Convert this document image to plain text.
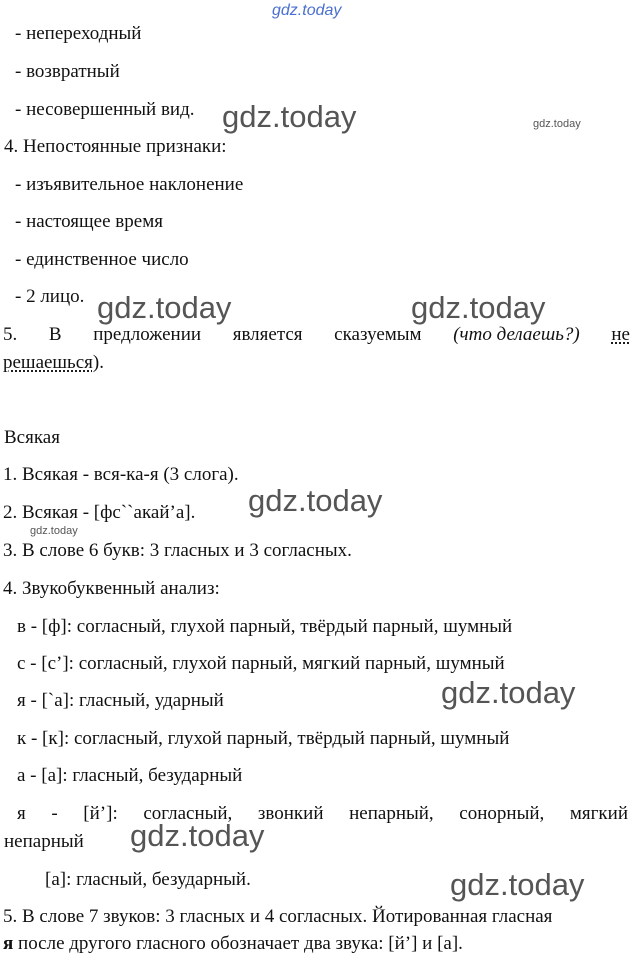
gdz.today
gdz.today	gdz.today
gdz.today	gdz.today
gdz.today
gdz.today
gdz.today
gdz.today
gdz.today

- непереходный

- возвратный

- несовершенный вид.

4. Непостоянные признаки:

- изъявительное наклонение

- настоящее время

- единственное число

- 2 лицо.

5. В предложении является сказуемым (что делаешь?) не

решаешься).

Всякая

1. Всякая - вся-ка-я (3 слога).

2. Всякая - [фс``акай’а].

3. В слове 6 букв: 3 гласных и 3 согласных.

4. Звукобуквенный анализ:

в - [ф]: согласный, глухой парный, твёрдый парный, шумный

с - [с’]: согласный, глухой парный, мягкий парный, шумный

я - [`а]: гласный, ударный

к - [к]: согласный, глухой парный, твёрдый парный, шумный

а - [а]: гласный, безударный

я - [й’]: согласный, звонкий непарный, сонорный, мягкий

непарный

[а]: гласный, безударный.

5. В слове 7 звуков: 3 гласных и 4 согласных. Йотированная гласная

я после другого гласного обозначает два звука: [й’] и [а].
